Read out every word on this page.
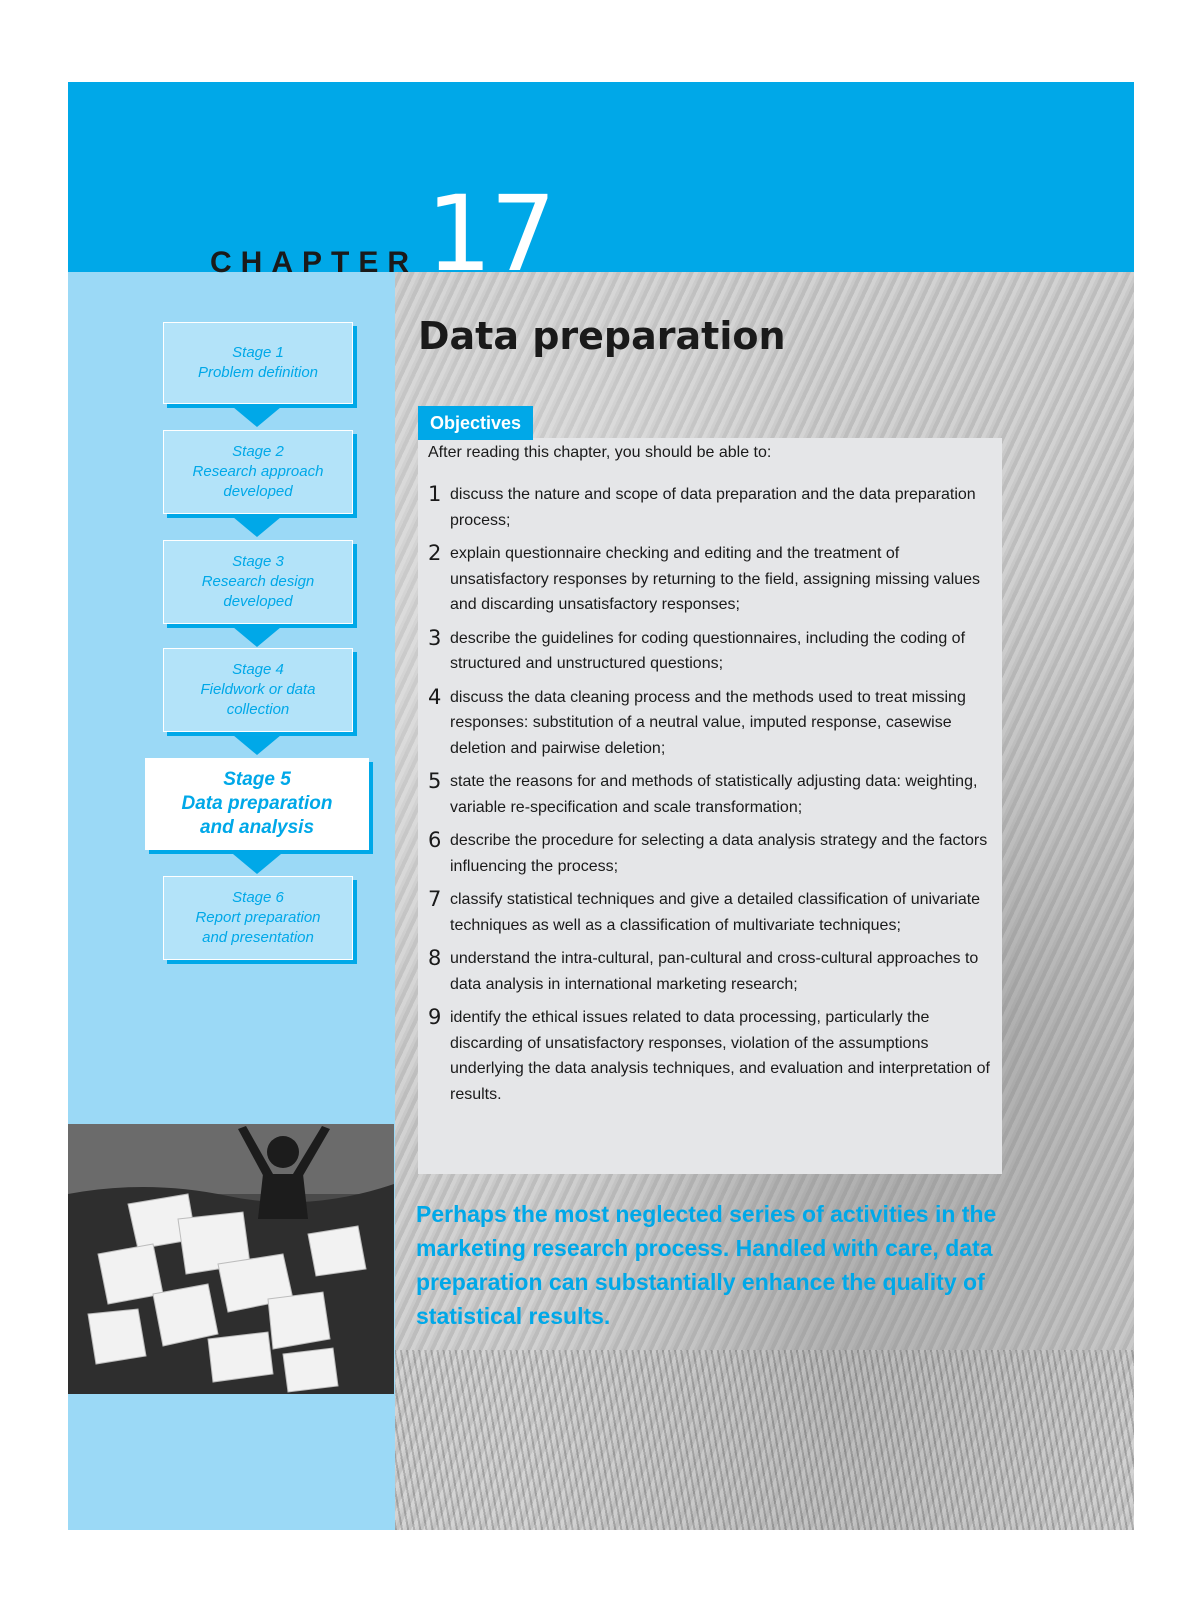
CHAPTER 17
Stage 1
Problem definition
Stage 2
Research approach
developed
Stage 3
Research design
developed
Stage 4
Fieldwork or data
collection
Stage 5
Data preparation
and analysis
Stage 6
Report preparation
and presentation
Data preparation
Objectives
After reading this chapter, you should be able to:
1 discuss the nature and scope of data preparation and the data preparation process;
2 explain questionnaire checking and editing and the treatment of unsatisfactory responses by returning to the field, assigning missing values and discarding unsatisfactory responses;
3 describe the guidelines for coding questionnaires, including the coding of structured and unstructured questions;
4 discuss the data cleaning process and the methods used to treat missing responses: substitution of a neutral value, imputed response, casewise deletion and pairwise deletion;
5 state the reasons for and methods of statistically adjusting data: weighting, variable re-specification and scale transformation;
6 describe the procedure for selecting a data analysis strategy and the factors influencing the process;
7 classify statistical techniques and give a detailed classification of univariate techniques as well as a classification of multivariate techniques;
8 understand the intra-cultural, pan-cultural and cross-cultural approaches to data analysis in international marketing research;
9 identify the ethical issues related to data processing, particularly the discarding of unsatisfactory responses, violation of the assumptions underlying the data analysis techniques, and evaluation and interpretation of results.
Perhaps the most neglected series of activities in the marketing research process. Handled with care, data preparation can substantially enhance the quality of statistical results.
